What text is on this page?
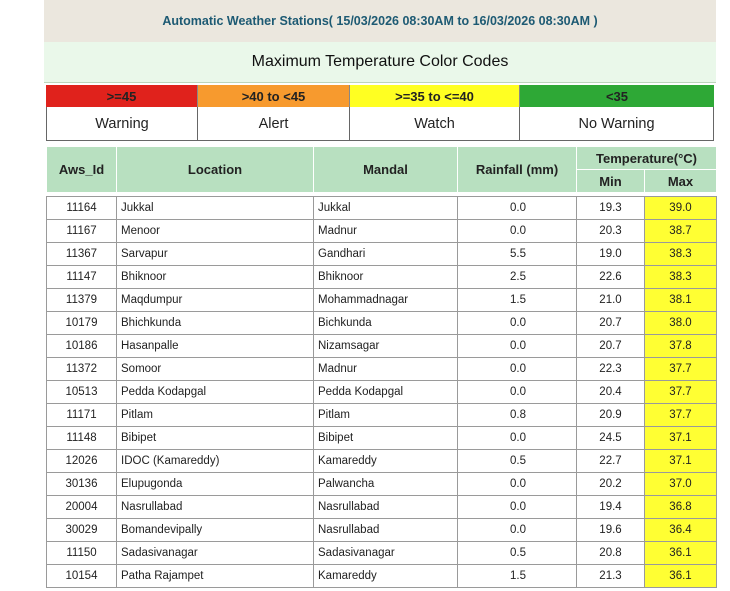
Automatic Weather Stations( 15/03/2026 08:30AM to 16/03/2026 08:30AM )
Maximum Temperature Color Codes
>=45	>40 to <45	>=35 to <=40	<35
Warning	Alert	Watch	No Warning
Aws_Id	Location	Mandal	Rainfall (mm)	Temperature(°C)	
				Min	Max

11164	Jukkal	Jukkal	0.0	19.3	39.0
11167	Menoor	Madnur	0.0	20.3	38.7
11367	Sarvapur	Gandhari	5.5	19.0	38.3
11147	Bhiknoor	Bhiknoor	2.5	22.6	38.3
11379	Maqdumpur	Mohammadnagar	1.5	21.0	38.1
10179	Bhichkunda	Bichkunda	0.0	20.7	38.0
10186	Hasanpalle	Nizamsagar	0.0	20.7	37.8
11372	Somoor	Madnur	0.0	22.3	37.7
10513	Pedda Kodapgal	Pedda Kodapgal	0.0	20.4	37.7
11171	Pitlam	Pitlam	0.8	20.9	37.7
11148	Bibipet	Bibipet	0.0	24.5	37.1
12026	IDOC (Kamareddy)	Kamareddy	0.5	22.7	37.1
30136	Elupugonda	Palwancha	0.0	20.2	37.0
20004	Nasrullabad	Nasrullabad	0.0	19.4	36.8
30029	Bomandevipally	Nasrullabad	0.0	19.6	36.4
11150	Sadasivanagar	Sadasivanagar	0.5	20.8	36.1
10154	Patha Rajampet	Kamareddy	1.5	21.3	36.1
